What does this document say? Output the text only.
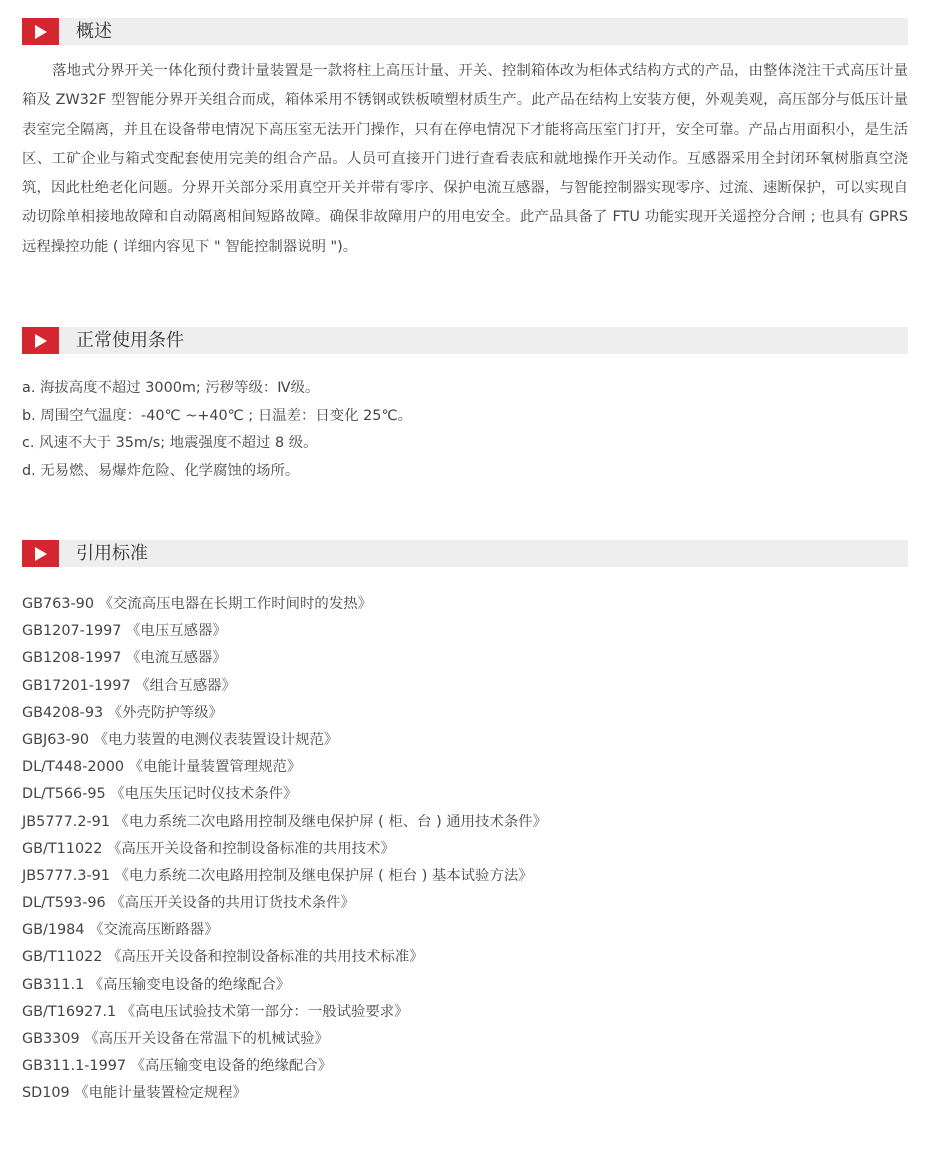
概述

落地式分界开关一体化预付费计量装置是一款将柱上高压计量、开关、控制箱体改为柜体式结构方式的产品，由整体浇注干式高压计量箱及 ZW32F 型智能分界开关组合而成，箱体采用不锈钢或铁板喷塑材质生产。此产品在结构上安装方便，外观美观，高压部分与低压计量表室完全隔离，并且在设备带电情况下高压室无法开门操作，只有在停电情况下才能将高压室门打开，安全可靠。产品占用面积小，是生活区、工矿企业与箱式变配套使用完美的组合产品。人员可直接开门进行查看表底和就地操作开关动作。互感器采用全封闭环氧树脂真空浇筑，因此杜绝老化问题。分界开关部分采用真空开关并带有零序、保护电流互感器，与智能控制器实现零序、过流、速断保护，可以实现自动切除单相接地故障和自动隔离相间短路故障。确保非故障用户的用电安全。此产品具备了 FTU 功能实现开关遥控分合闸 ; 也具有 GPRS 远程操控功能 ( 详细内容见下 " 智能控制器说明 ")。

正常使用条件
a. 海拔高度不超过 3000m; 污秽等级：Ⅳ级。
b. 周围空气温度：-40℃ ~+40℃ ; 日温差：日变化 25℃。
c. 风速不大于 35m/s; 地震强度不超过 8 级。
d. 无易燃、易爆炸危险、化学腐蚀的场所。
引用标准
GB763-90 《交流高压电器在长期工作时间时的发热》
GB1207-1997 《电压互感器》
GB1208-1997 《电流互感器》
GB17201-1997 《组合互感器》
GB4208-93 《外壳防护等级》
GBJ63-90 《电力装置的电测仪表装置设计规范》
DL/T448-2000 《电能计量装置管理规范》
DL/T566-95 《电压失压记时仪技术条件》
JB5777.2-91 《电力系统二次电路用控制及继电保护屏 ( 柜、台 ) 通用技术条件》
GB/T11022 《高压开关设备和控制设备标准的共用技术》
JB5777.3-91 《电力系统二次电路用控制及继电保护屏 ( 柜台 ) 基本试验方法》
DL/T593-96 《高压开关设备的共用订货技术条件》
GB/1984 《交流高压断路器》
GB/T11022 《高压开关设备和控制设备标准的共用技术标准》
GB311.1 《高压输变电设备的绝缘配合》
GB/T16927.1 《高电压试验技术第一部分：一般试验要求》
GB3309 《高压开关设备在常温下的机械试验》
GB311.1-1997 《高压输变电设备的绝缘配合》
SD109 《电能计量装置检定规程》
